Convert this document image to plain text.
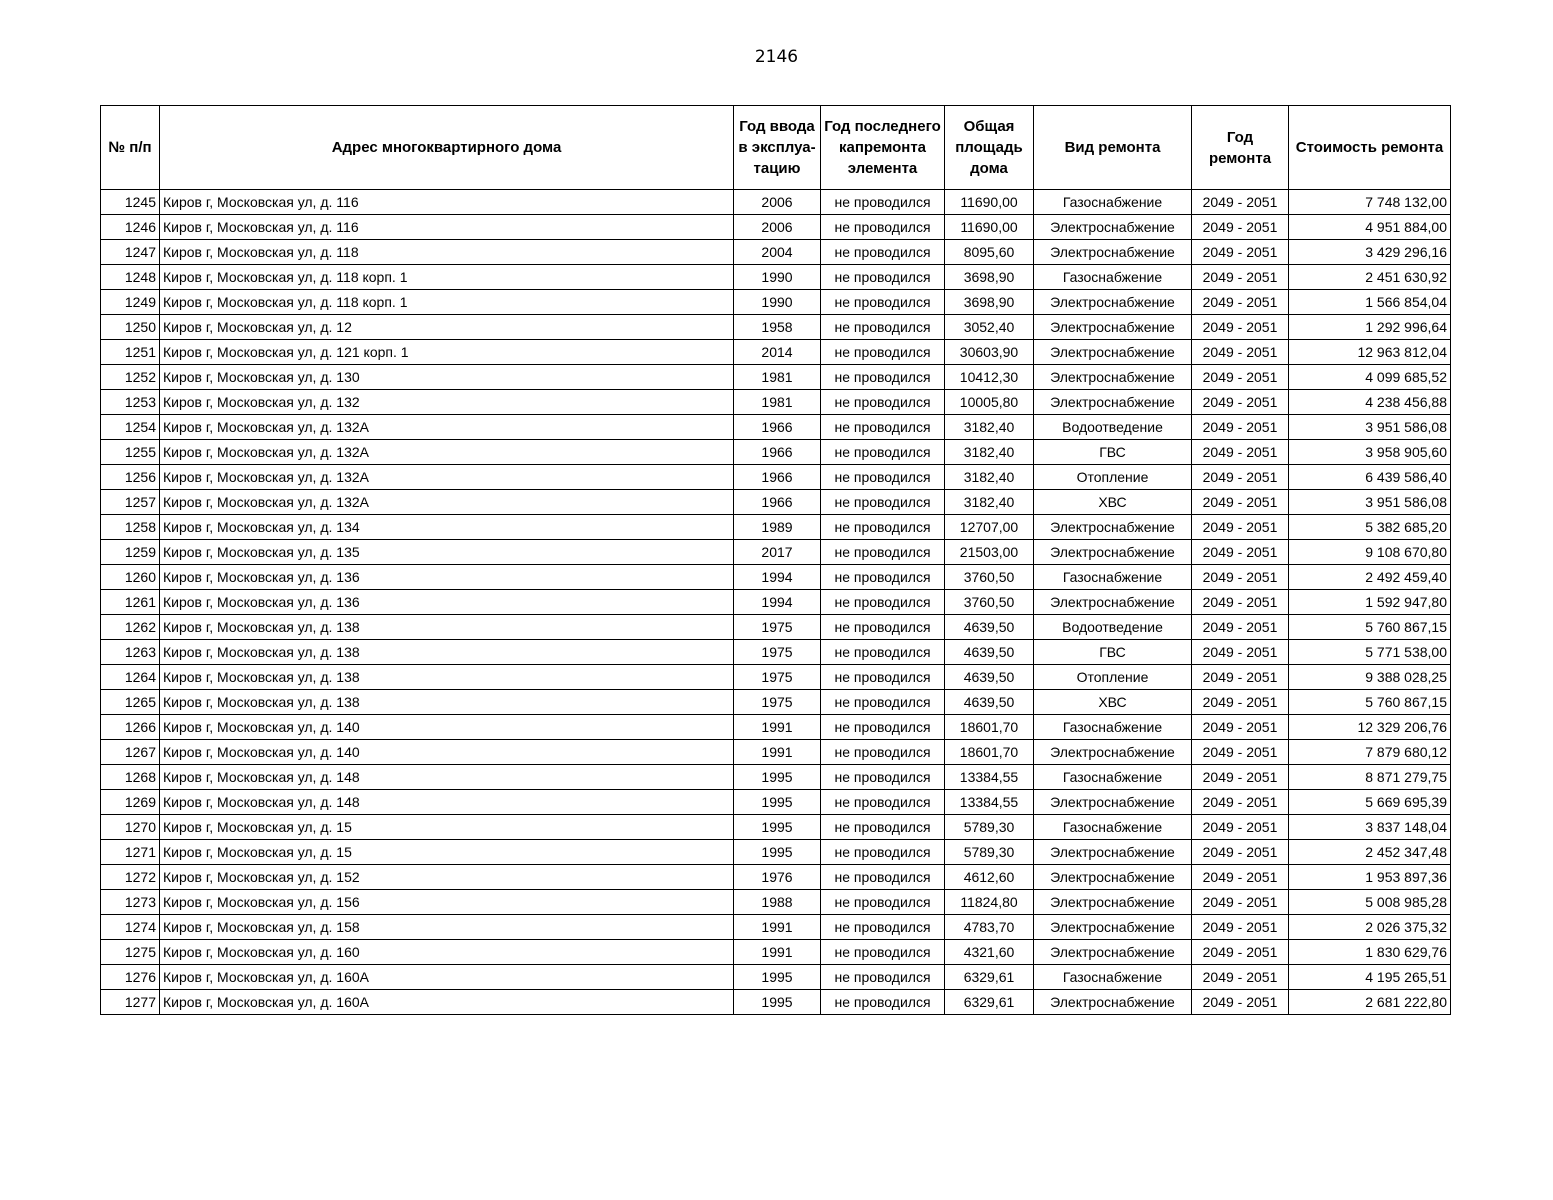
2146
№ п/п	Адрес многоквартирного дома	Год ввода в эксплуа-тацию	Год последнего капремонта элемента	Общая площадь дома	Вид ремонта	Год ремонта	Стоимость ремонта
1245	Киров г, Московская ул, д. 116	2006	не проводился	11690,00	Газоснабжение	2049 - 2051	7 748 132,00
1246	Киров г, Московская ул, д. 116	2006	не проводился	11690,00	Электроснабжение	2049 - 2051	4 951 884,00
1247	Киров г, Московская ул, д. 118	2004	не проводился	8095,60	Электроснабжение	2049 - 2051	3 429 296,16
1248	Киров г, Московская ул, д. 118 корп. 1	1990	не проводился	3698,90	Газоснабжение	2049 - 2051	2 451 630,92
1249	Киров г, Московская ул, д. 118 корп. 1	1990	не проводился	3698,90	Электроснабжение	2049 - 2051	1 566 854,04
1250	Киров г, Московская ул, д. 12	1958	не проводился	3052,40	Электроснабжение	2049 - 2051	1 292 996,64
1251	Киров г, Московская ул, д. 121 корп. 1	2014	не проводился	30603,90	Электроснабжение	2049 - 2051	12 963 812,04
1252	Киров г, Московская ул, д. 130	1981	не проводился	10412,30	Электроснабжение	2049 - 2051	4 099 685,52
1253	Киров г, Московская ул, д. 132	1981	не проводился	10005,80	Электроснабжение	2049 - 2051	4 238 456,88
1254	Киров г, Московская ул, д. 132А	1966	не проводился	3182,40	Водоотведение	2049 - 2051	3 951 586,08
1255	Киров г, Московская ул, д. 132А	1966	не проводился	3182,40	ГВС	2049 - 2051	3 958 905,60
1256	Киров г, Московская ул, д. 132А	1966	не проводился	3182,40	Отопление	2049 - 2051	6 439 586,40
1257	Киров г, Московская ул, д. 132А	1966	не проводился	3182,40	ХВС	2049 - 2051	3 951 586,08
1258	Киров г, Московская ул, д. 134	1989	не проводился	12707,00	Электроснабжение	2049 - 2051	5 382 685,20
1259	Киров г, Московская ул, д. 135	2017	не проводился	21503,00	Электроснабжение	2049 - 2051	9 108 670,80
1260	Киров г, Московская ул, д. 136	1994	не проводился	3760,50	Газоснабжение	2049 - 2051	2 492 459,40
1261	Киров г, Московская ул, д. 136	1994	не проводился	3760,50	Электроснабжение	2049 - 2051	1 592 947,80
1262	Киров г, Московская ул, д. 138	1975	не проводился	4639,50	Водоотведение	2049 - 2051	5 760 867,15
1263	Киров г, Московская ул, д. 138	1975	не проводился	4639,50	ГВС	2049 - 2051	5 771 538,00
1264	Киров г, Московская ул, д. 138	1975	не проводился	4639,50	Отопление	2049 - 2051	9 388 028,25
1265	Киров г, Московская ул, д. 138	1975	не проводился	4639,50	ХВС	2049 - 2051	5 760 867,15
1266	Киров г, Московская ул, д. 140	1991	не проводился	18601,70	Газоснабжение	2049 - 2051	12 329 206,76
1267	Киров г, Московская ул, д. 140	1991	не проводился	18601,70	Электроснабжение	2049 - 2051	7 879 680,12
1268	Киров г, Московская ул, д. 148	1995	не проводился	13384,55	Газоснабжение	2049 - 2051	8 871 279,75
1269	Киров г, Московская ул, д. 148	1995	не проводился	13384,55	Электроснабжение	2049 - 2051	5 669 695,39
1270	Киров г, Московская ул, д. 15	1995	не проводился	5789,30	Газоснабжение	2049 - 2051	3 837 148,04
1271	Киров г, Московская ул, д. 15	1995	не проводился	5789,30	Электроснабжение	2049 - 2051	2 452 347,48
1272	Киров г, Московская ул, д. 152	1976	не проводился	4612,60	Электроснабжение	2049 - 2051	1 953 897,36
1273	Киров г, Московская ул, д. 156	1988	не проводился	11824,80	Электроснабжение	2049 - 2051	5 008 985,28
1274	Киров г, Московская ул, д. 158	1991	не проводился	4783,70	Электроснабжение	2049 - 2051	2 026 375,32
1275	Киров г, Московская ул, д. 160	1991	не проводился	4321,60	Электроснабжение	2049 - 2051	1 830 629,76
1276	Киров г, Московская ул, д. 160А	1995	не проводился	6329,61	Газоснабжение	2049 - 2051	4 195 265,51
1277	Киров г, Московская ул, д. 160А	1995	не проводился	6329,61	Электроснабжение	2049 - 2051	2 681 222,80
